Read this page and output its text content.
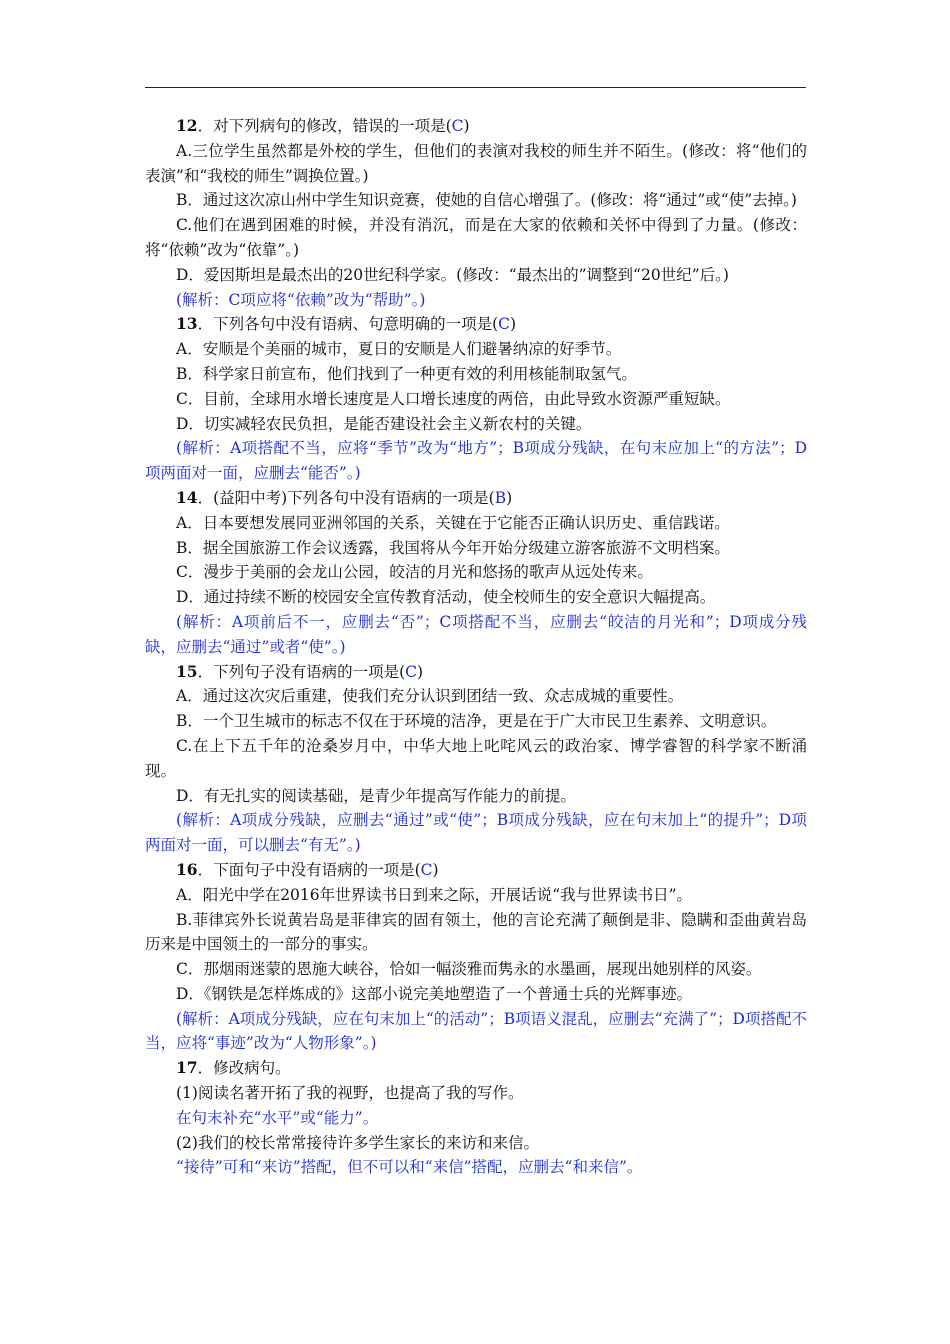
12．对下列病句的修改，错误的一项是(C)

A.三位学生虽然都是外校的学生，但他们的表演对我校的师生并不陌生。(修改：将“他们的表演”和“我校的师生”调换位置。)

B．通过这次凉山州中学生知识竞赛，使她的自信心增强了。(修改：将“通过”或“使”去掉。)

C.他们在遇到困难的时候，并没有消沉，而是在大家的依赖和关怀中得到了力量。(修改：将“依赖”改为“依靠”。)

D．爱因斯坦是最杰出的20世纪科学家。(修改：“最杰出的”调整到“20世纪”后。)

(解析：C项应将“依赖”改为“帮助”。)

13．下列各句中没有语病、句意明确的一项是(C)

A．安顺是个美丽的城市，夏日的安顺是人们避暑纳凉的好季节。

B．科学家日前宣布，他们找到了一种更有效的利用核能制取氢气。

C．目前，全球用水增长速度是人口增长速度的两倍，由此导致水资源严重短缺。

D．切实减轻农民负担，是能否建设社会主义新农村的关键。

(解析：A项搭配不当，应将“季节”改为“地方”；B项成分残缺，在句末应加上“的方法”；D项两面对一面，应删去“能否”。)

14．(益阳中考)下列各句中没有语病的一项是(B)

A．日本要想发展同亚洲邻国的关系，关键在于它能否正确认识历史、重信践诺。

B．据全国旅游工作会议透露，我国将从今年开始分级建立游客旅游不文明档案。

C．漫步于美丽的会龙山公园，皎洁的月光和悠扬的歌声从远处传来。

D．通过持续不断的校园安全宣传教育活动，使全校师生的安全意识大幅提高。

(解析：A项前后不一，应删去“否”；C项搭配不当，应删去“皎洁的月光和”；D项成分残缺，应删去“通过”或者“使”。)

15．下列句子没有语病的一项是(C)

A．通过这次灾后重建，使我们充分认识到团结一致、众志成城的重要性。

B．一个卫生城市的标志不仅在于环境的洁净，更是在于广大市民卫生素养、文明意识。

C.在上下五千年的沧桑岁月中，中华大地上叱咤风云的政治家、博学睿智的科学家不断涌现。

D．有无扎实的阅读基础，是青少年提高写作能力的前提。

(解析：A项成分残缺，应删去“通过”或“使”；B项成分残缺，应在句末加上“的提升”；D项两面对一面，可以删去“有无”。)

16．下面句子中没有语病的一项是(C)

A．阳光中学在2016年世界读书日到来之际，开展话说“我与世界读书日”。

B.菲律宾外长说黄岩岛是菲律宾的固有领土，他的言论充满了颠倒是非、隐瞒和歪曲黄岩岛历来是中国领土的一部分的事实。

C．那烟雨迷蒙的恩施大峡谷，恰如一幅淡雅而隽永的水墨画，展现出她别样的风姿。

D．《钢铁是怎样炼成的》这部小说完美地塑造了一个普通士兵的光辉事迹。

(解析：A项成分残缺，应在句末加上“的活动”；B项语义混乱，应删去“充满了”；D项搭配不当，应将“事迹”改为“人物形象”。)

17．修改病句。

(1)阅读名著开拓了我的视野，也提高了我的写作。

在句末补充“水平”或“能力”。

(2)我们的校长常常接待许多学生家长的来访和来信。

“接待”可和“来访”搭配，但不可以和“来信”搭配，应删去“和来信”。
